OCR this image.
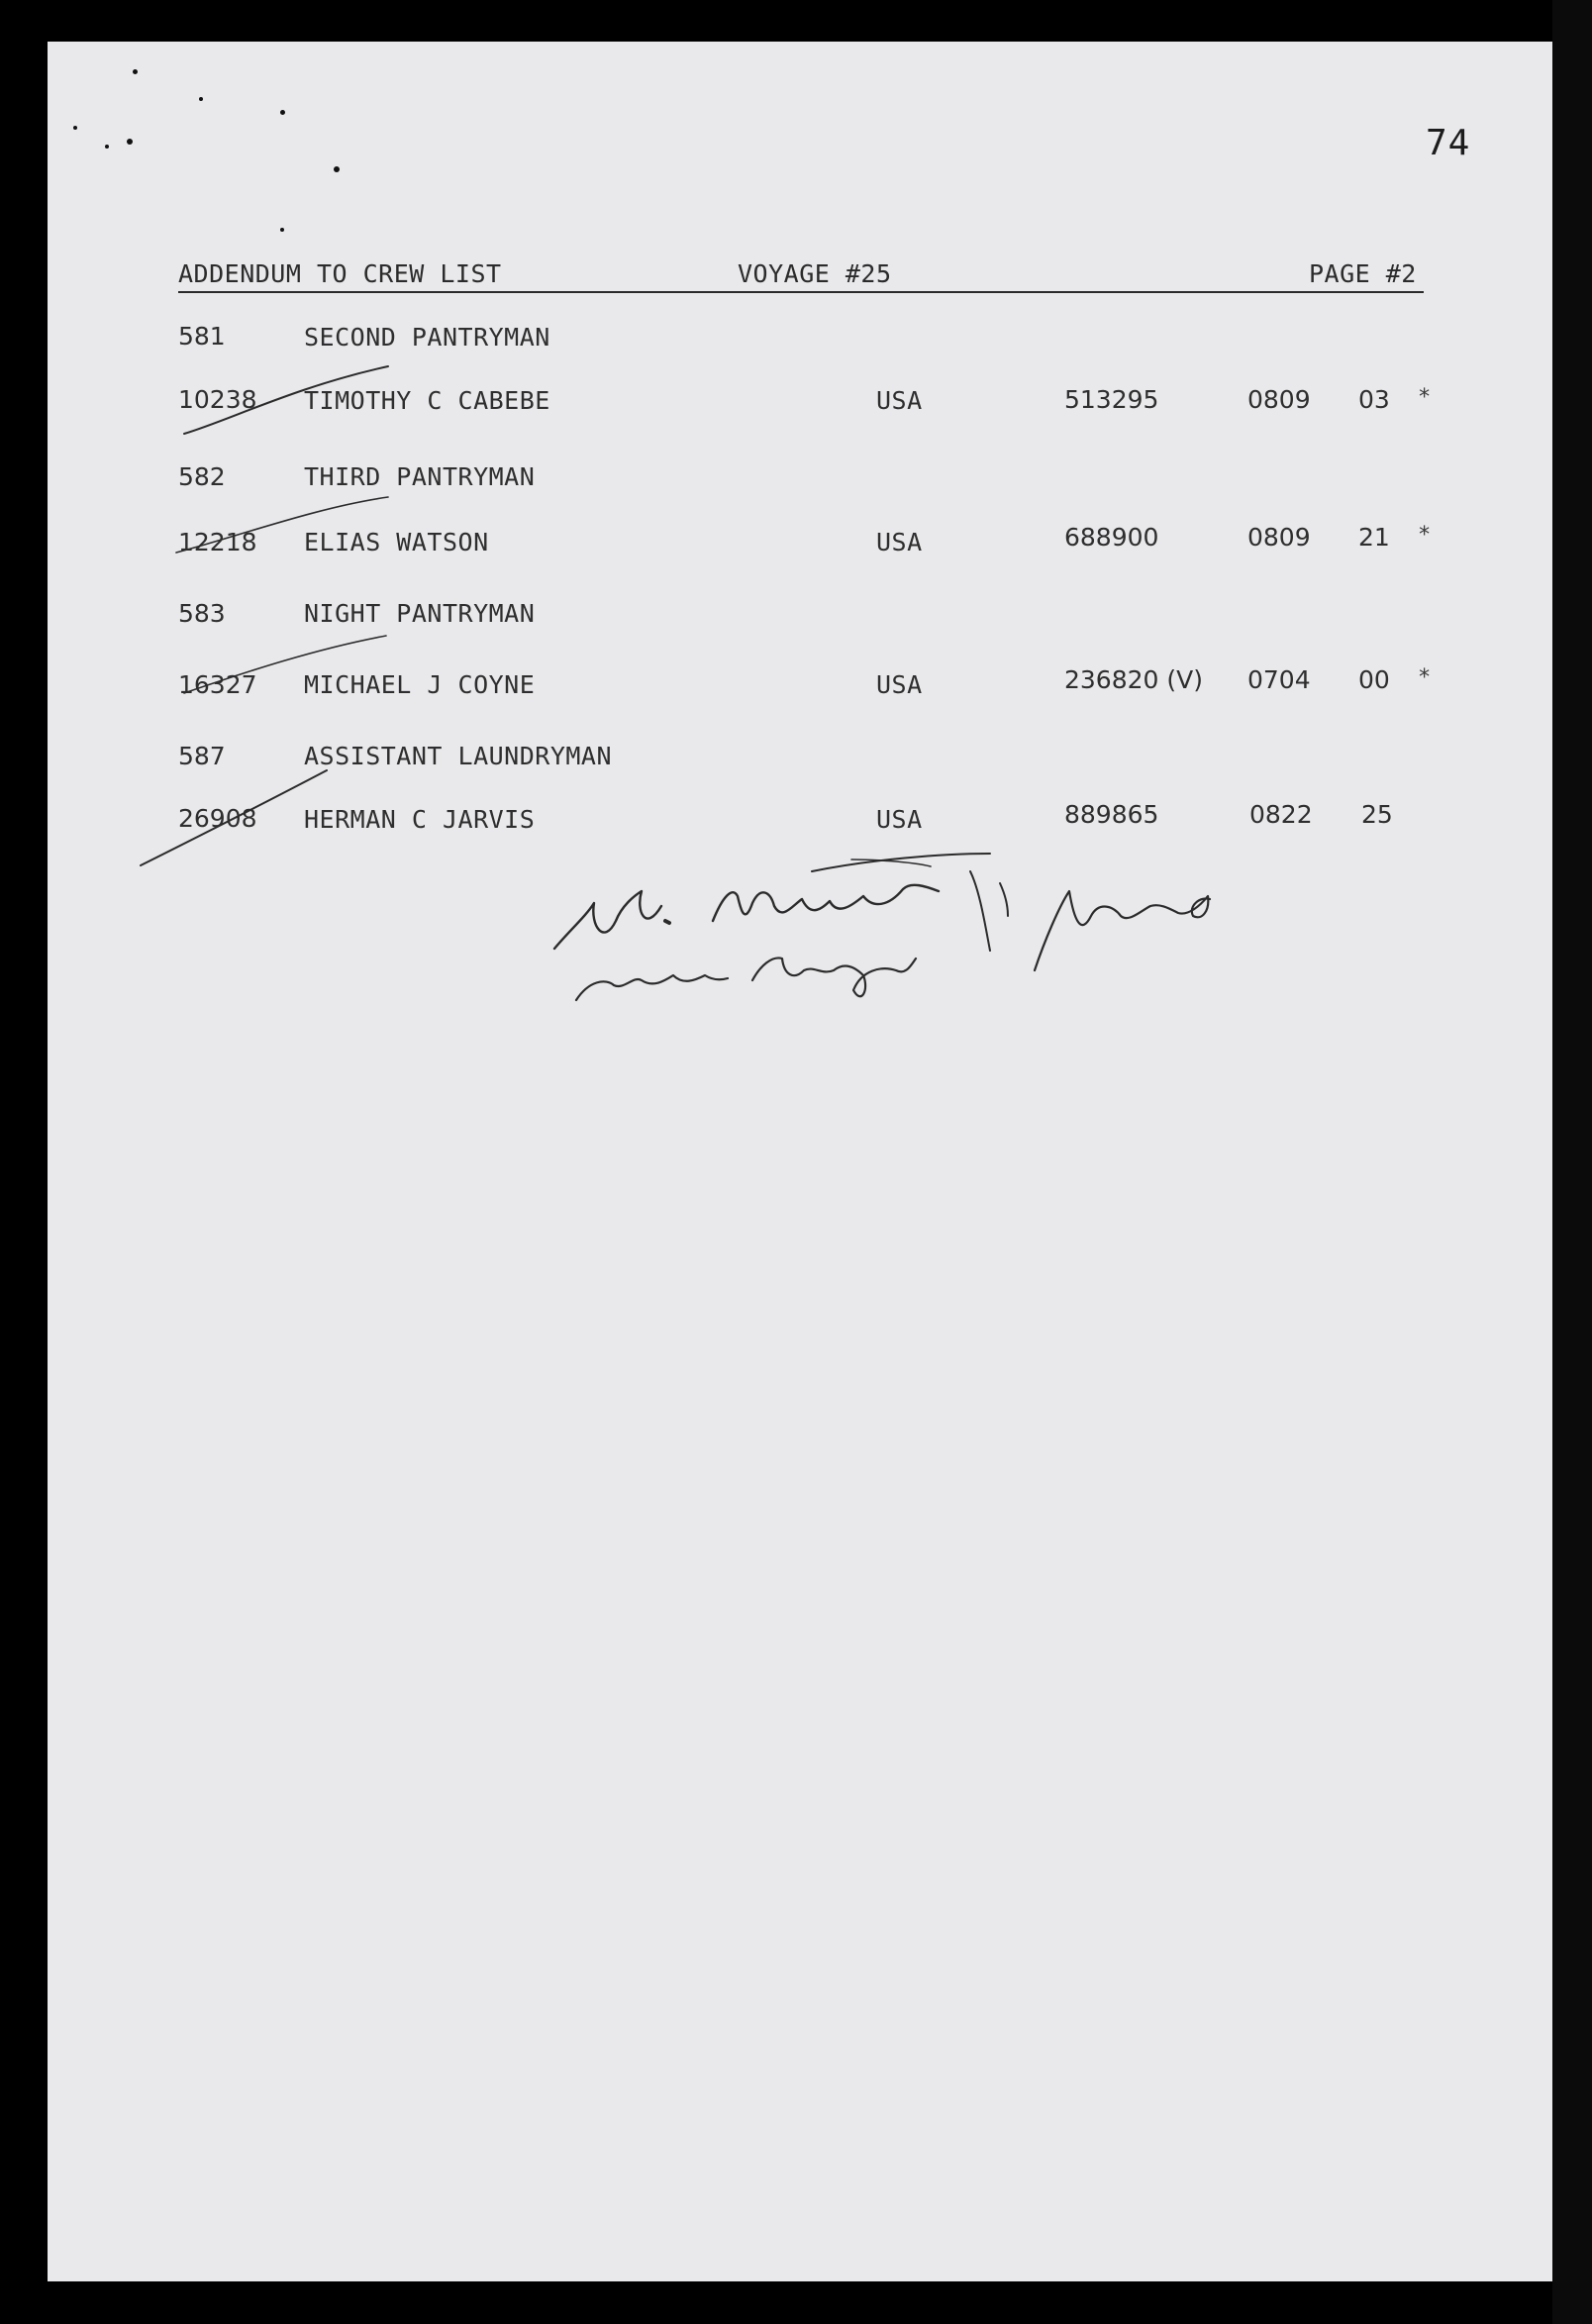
74
ADDENDUM TO CREW LIST	VOYAGE #25	PAGE #2
581	SECOND PANTRYMAN
10238 TIMOTHY C CABEBE	USA	513295	0809 03 *
582	THIRD PANTRYMAN
12218 ELIAS WATSON	USA	688900	0809 21 *
583	NIGHT PANTRYMAN
16327 MICHAEL J COYNE	USA	236820 (V) 0704 00 *
587	ASSISTANT LAUNDRYMAN
26908 HERMAN C JARVIS	USA	889865	0822 25
